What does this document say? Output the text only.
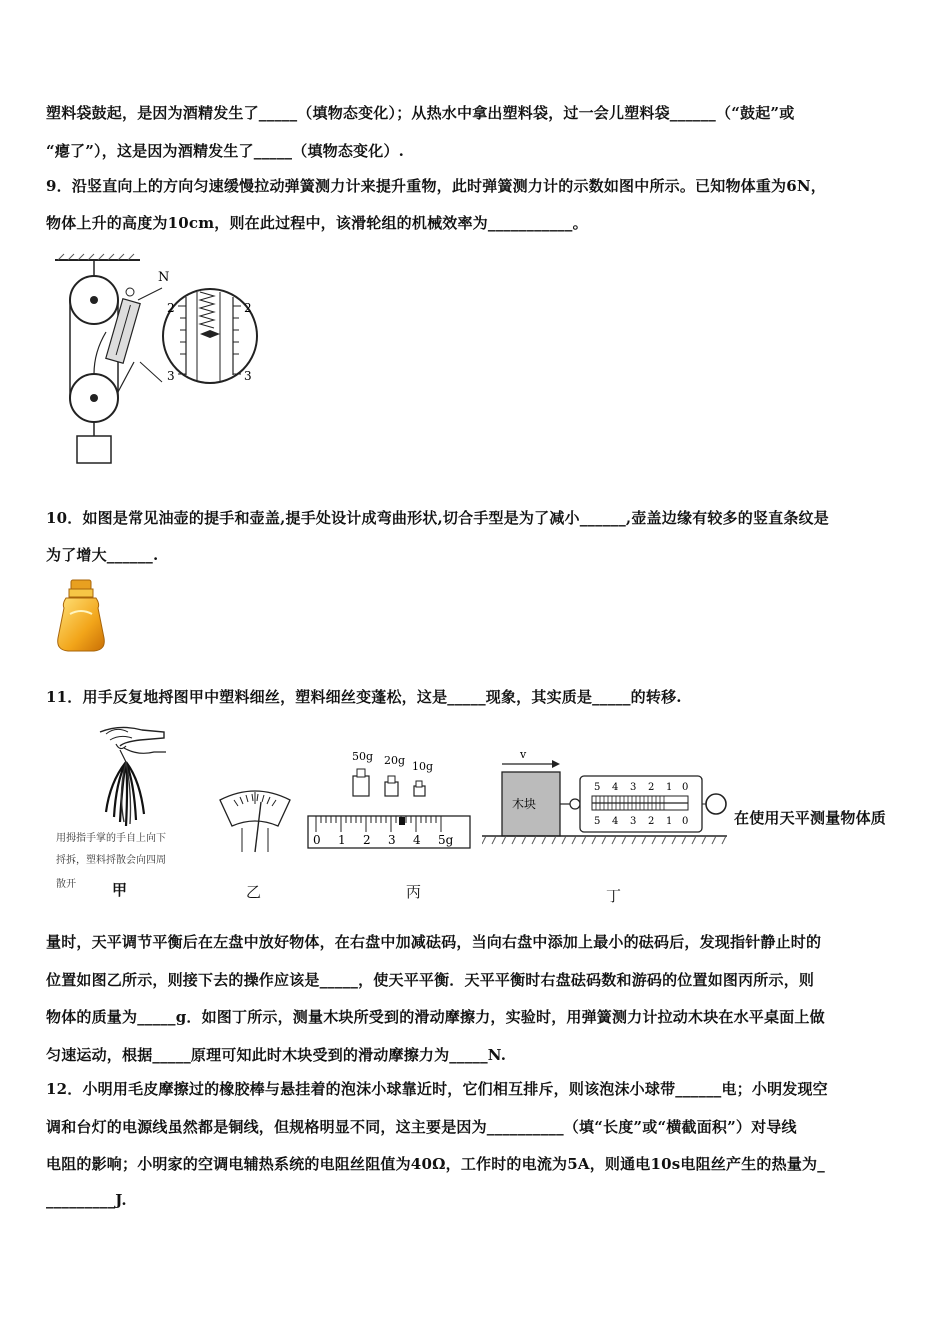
塑料袋鼓起，是因为酒精发生了_____（填物态变化）；从热水中拿出塑料袋，过一会儿塑料袋______（“鼓起”或
“瘪了”），这是因为酒精发生了_____（填物态变化）.
9．沿竖直向上的方向匀速缓慢拉动弹簧测力计来提升重物，此时弹簧测力计的示数如图中所示。已知物体重为6N，
物体上升的高度为10cm，则在此过程中，该滑轮组的机械效率为___________。
N
2	2
3	3
10．如图是常见油壶的提手和壶盖,提手处设计成弯曲形状,切合手型是为了减小______,壶盖边缘有较多的竖直条纹是
为了增大______.
11．用手反复地捋图甲中塑料细丝，塑料细丝变蓬松，这是_____现象，其实质是_____的转移.
用拇指手掌的手自上向下
捋拆，塑料捋散会向四周
散开 甲	乙
50g 20g 10g
0 1 2 3 4 5g
丙
v
木块
5 4 3 2 1 0
5 4 3 2 1 0
丁
在使用天平测量物体质
量时，天平调节平衡后在左盘中放好物体，在右盘中加减砝码，当向右盘中添加上最小的砝码后，发现指针静止时的
位置如图乙所示，则接下去的操作应该是_____，使天平平衡．天平平衡时右盘砝码数和游码的位置如图丙所示，则
物体的质量为_____g．如图丁所示，测量木块所受到的滑动摩擦力，实验时，用弹簧测力计拉动木块在水平桌面上做
匀速运动，根据_____原理可知此时木块受到的滑动摩擦力为_____N.
12．小明用毛皮摩擦过的橡胶棒与悬挂着的泡沫小球靠近时，它们相互排斥，则该泡沫小球带______电；小明发现空
调和台灯的电源线虽然都是铜线，但规格明显不同，这主要是因为__________（填“长度”或“横截面积”）对导线
电阻的影响；小明家的空调电辅热系统的电阻丝阻值为40Ω，工作时的电流为5A，则通电10s电阻丝产生的热量为_
_________J.
